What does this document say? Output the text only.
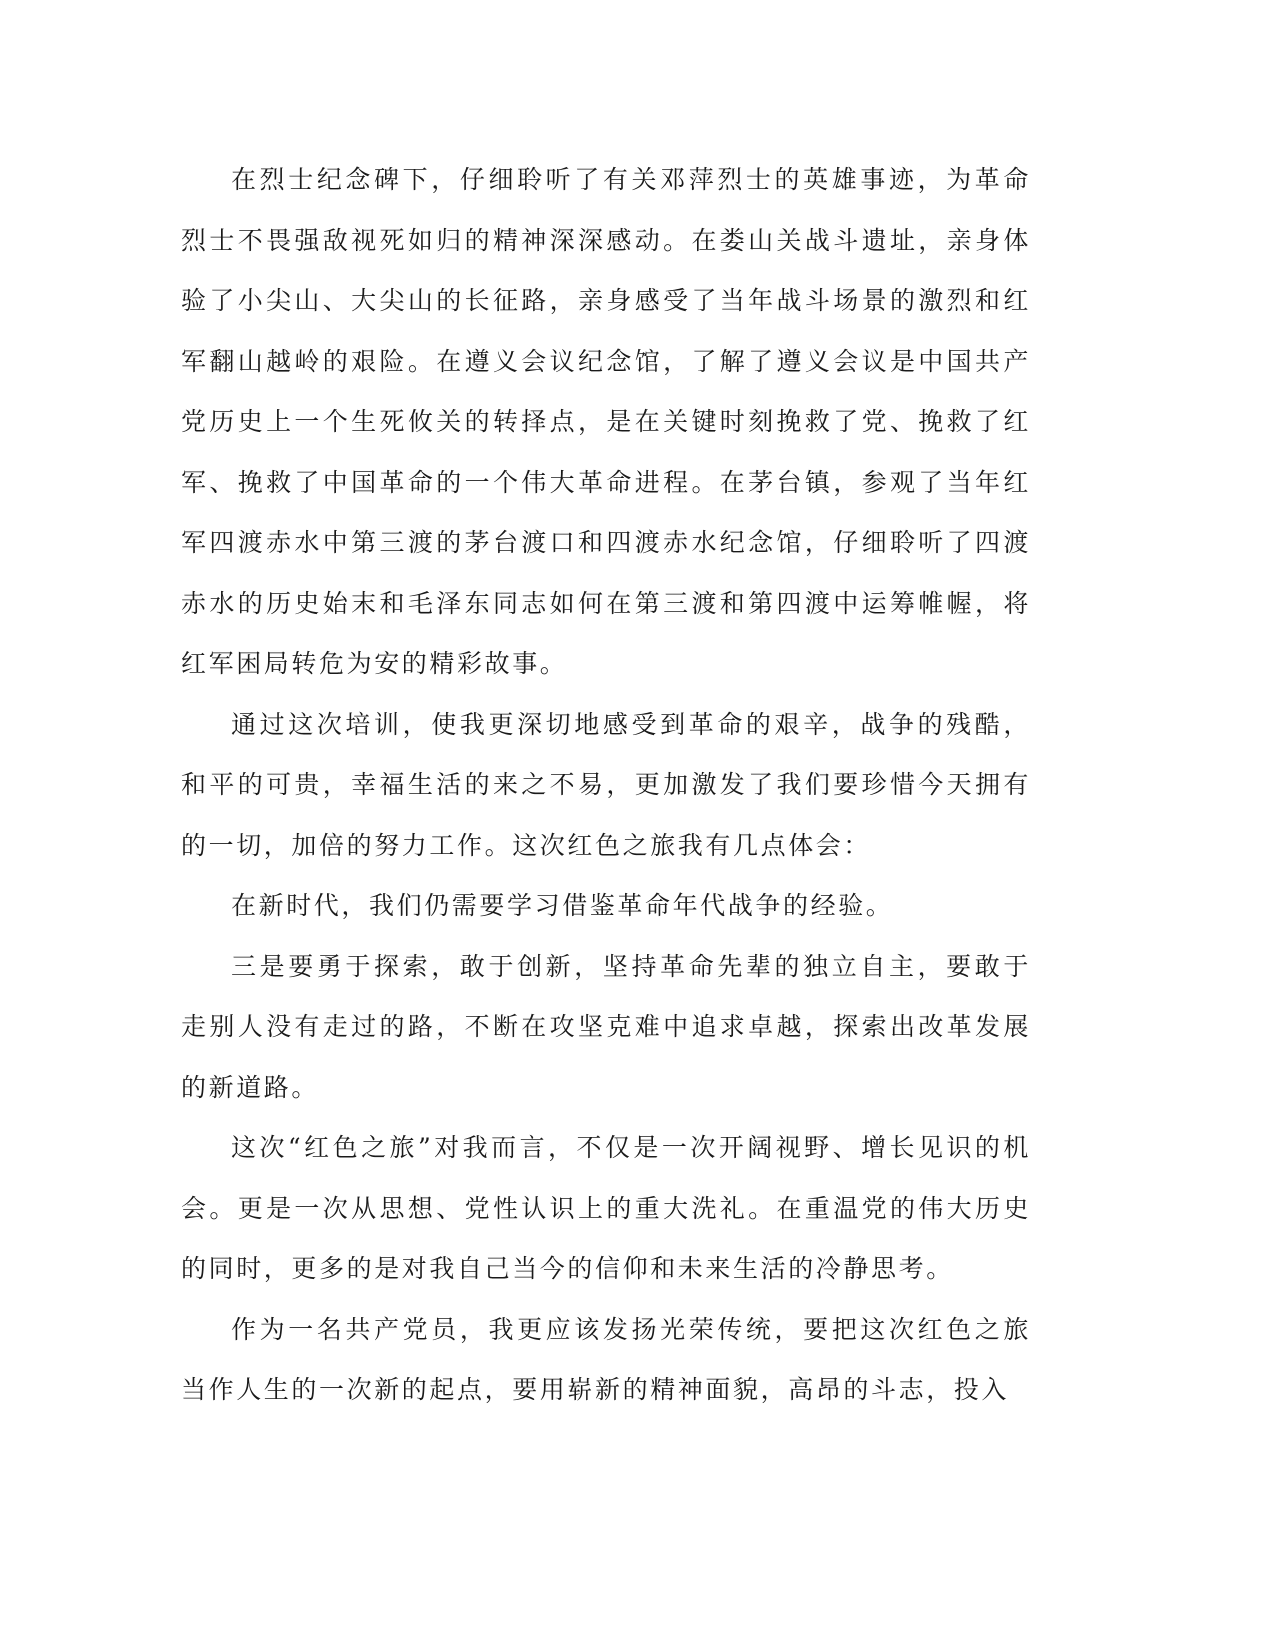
在烈士纪念碑下，仔细聆听了有关邓萍烈士的英雄事迹，为革命烈士不畏强敌视死如归的精神深深感动。在娄山关战斗遗址，亲身体验了小尖山、大尖山的长征路，亲身感受了当年战斗场景的激烈和红军翻山越岭的艰险。在遵义会议纪念馆，了解了遵义会议是中国共产党历史上一个生死攸关的转择点，是在关键时刻挽救了党、挽救了红军、挽救了中国革命的一个伟大革命进程。在茅台镇，参观了当年红军四渡赤水中第三渡的茅台渡口和四渡赤水纪念馆，仔细聆听了四渡赤水的历史始末和毛泽东同志如何在第三渡和第四渡中运筹帷幄，将红军困局转危为安的精彩故事。

通过这次培训，使我更深切地感受到革命的艰辛，战争的残酷，和平的可贵，幸福生活的来之不易，更加激发了我们要珍惜今天拥有的一切，加倍的努力工作。这次红色之旅我有几点体会：

在新时代，我们仍需要学习借鉴革命年代战争的经验。

三是要勇于探索，敢于创新，坚持革命先辈的独立自主，要敢于走别人没有走过的路，不断在攻坚克难中追求卓越，探索出改革发展的新道路。

这次“红色之旅”对我而言，不仅是一次开阔视野、增长见识的机会。更是一次从思想、党性认识上的重大洗礼。在重温党的伟大历史的同时，更多的是对我自己当今的信仰和未来生活的冷静思考。

作为一名共产党员，我更应该发扬光荣传统，要把这次红色之旅当作人生的一次新的起点，要用崭新的精神面貌，高昂的斗志，投入
